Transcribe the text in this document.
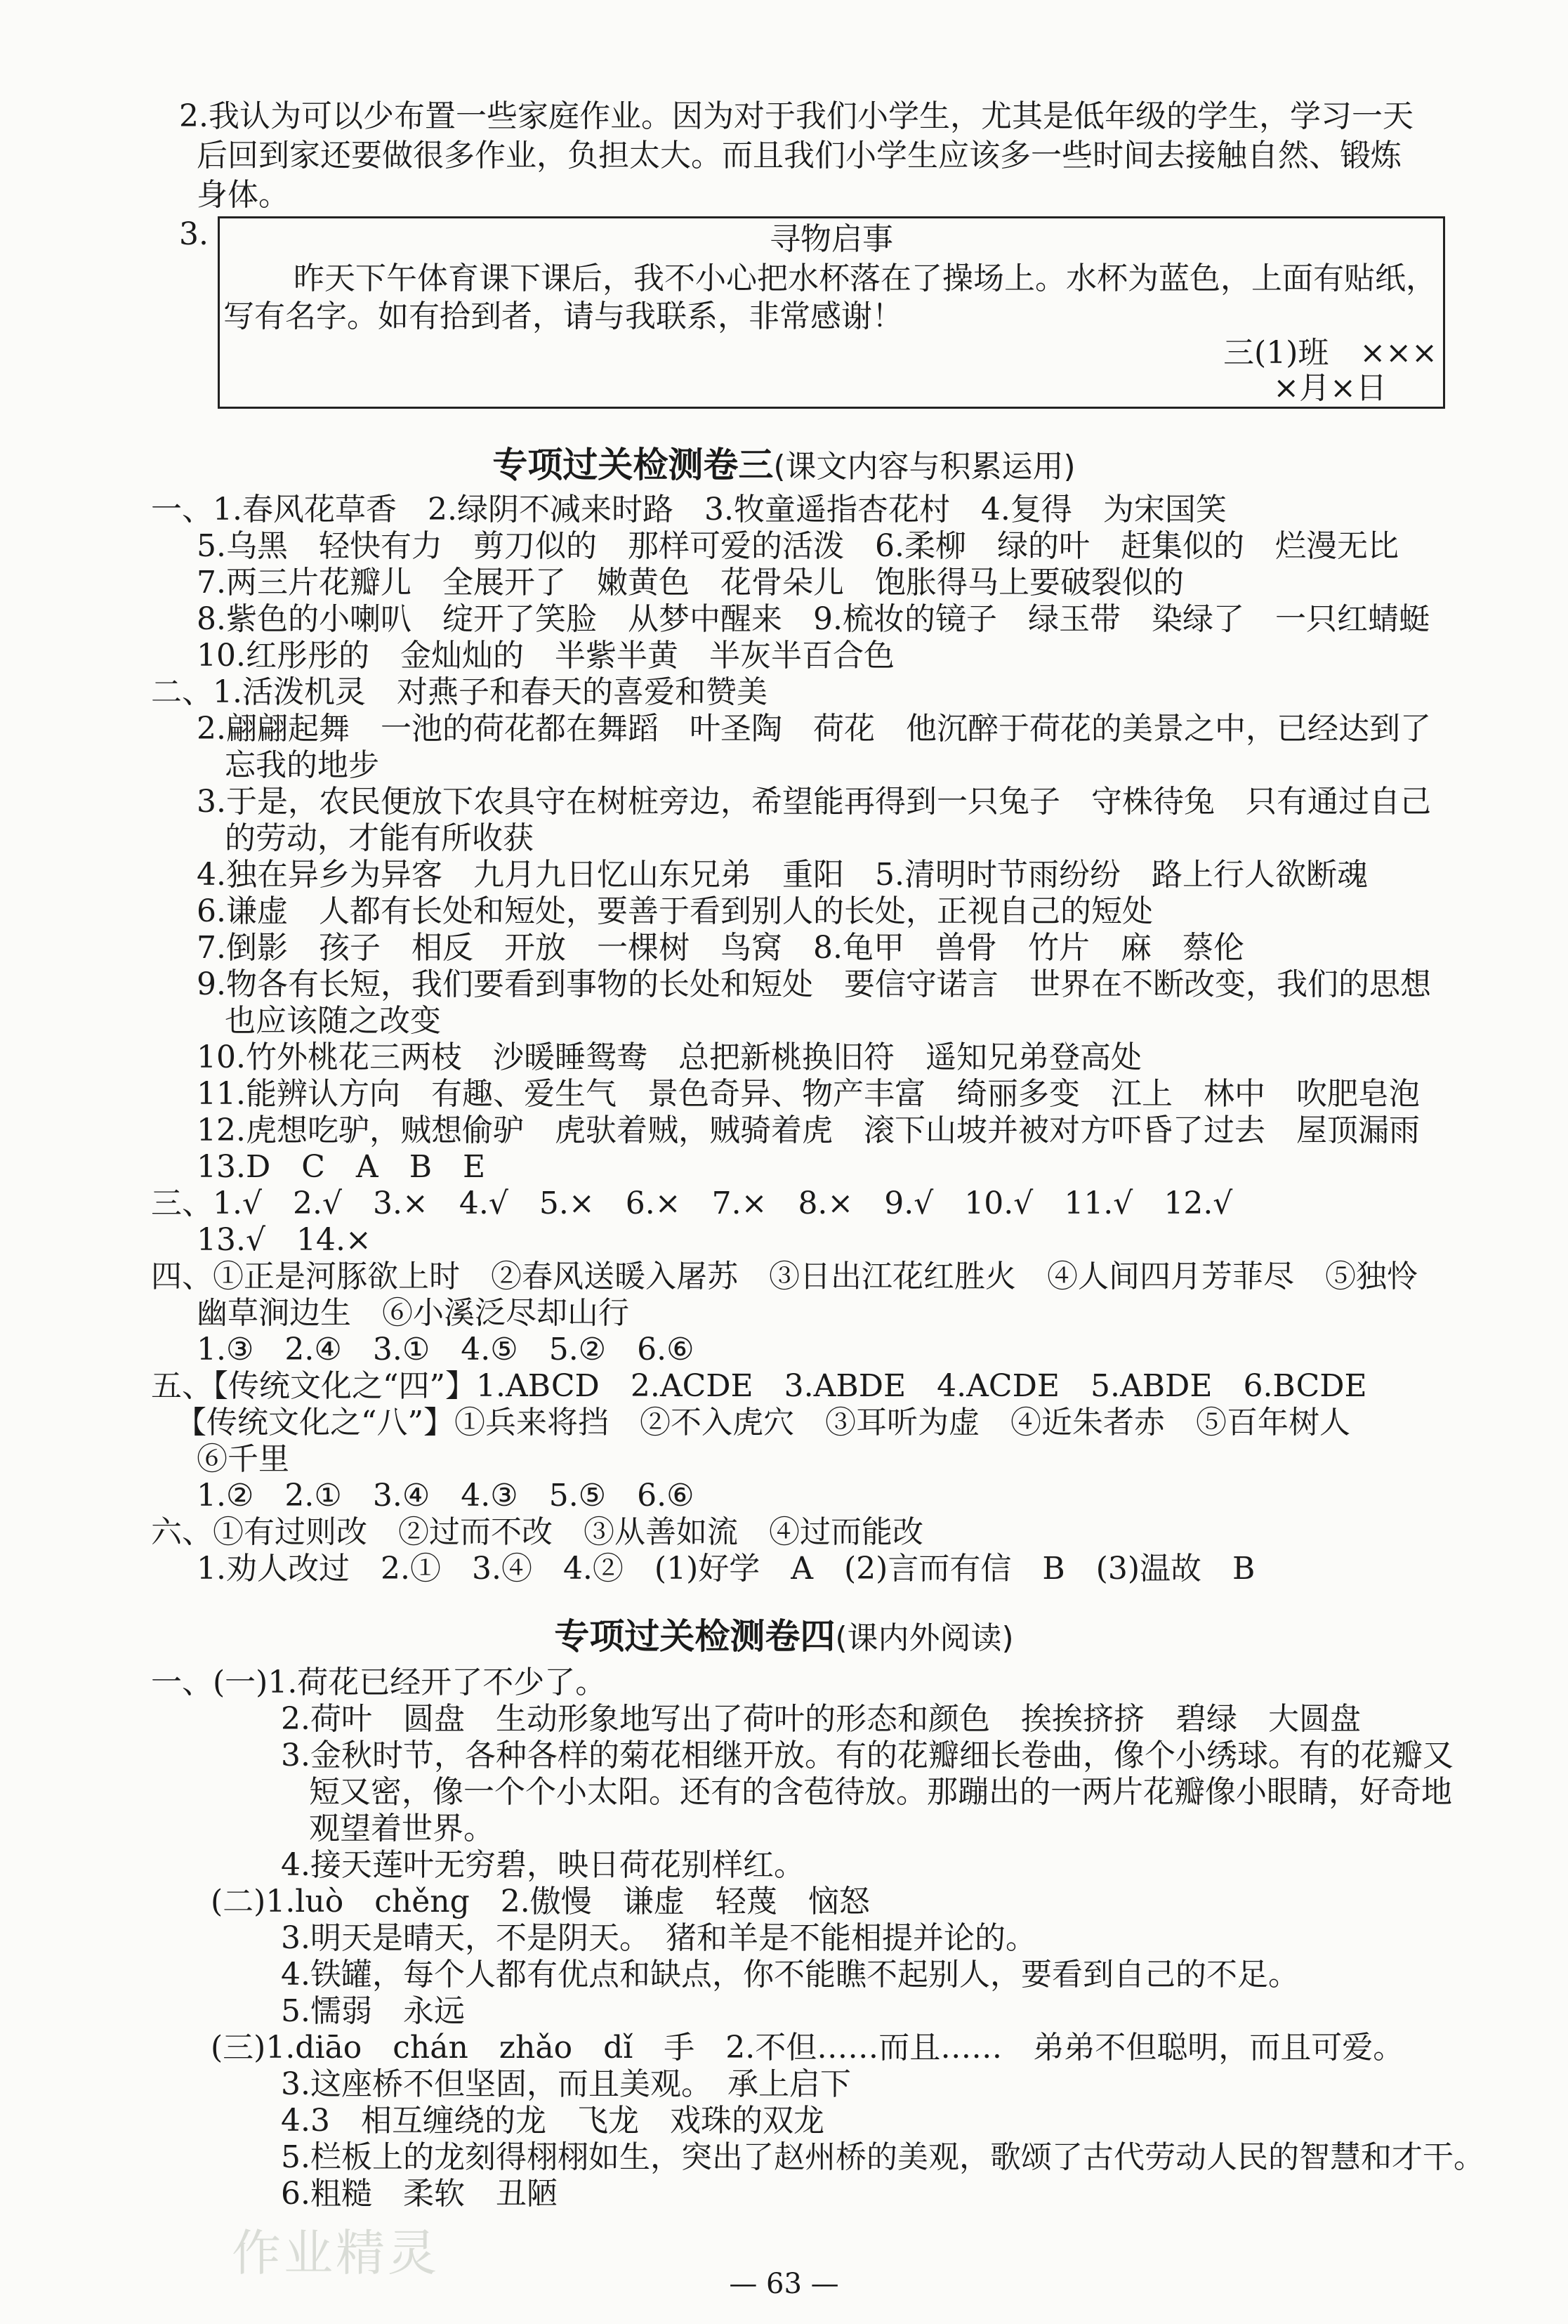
2.我认为可以少布置一些家庭作业。因为对于我们小学生，尤其是低年级的学生，学习一天
后回到家还要做很多作业，负担太大。而且我们小学生应该多一些时间去接触自然、锻炼
身体。
3.	寻物启事
昨天下午体育课下课后，我不小心把水杯落在了操场上。水杯为蓝色，上面有贴纸，
写有名字。如有拾到者，请与我联系，非常感谢！
三(1)班　×××
×月×日
专项过关检测卷三(课文内容与积累运用)
一、1.春风花草香　2.绿阴不减来时路　3.牧童遥指杏花村　4.复得　为宋国笑
5.乌黑　轻快有力　剪刀似的　那样可爱的活泼　6.柔柳　绿的叶　赶集似的　烂漫无比
7.两三片花瓣儿　全展开了　嫩黄色　花骨朵儿　饱胀得马上要破裂似的
8.紫色的小喇叭　绽开了笑脸　从梦中醒来　9.梳妆的镜子　绿玉带　染绿了　一只红蜻蜓
10.红彤彤的　金灿灿的　半紫半黄　半灰半百合色
二、1.活泼机灵　对燕子和春天的喜爱和赞美
2.翩翩起舞　一池的荷花都在舞蹈　叶圣陶　荷花　他沉醉于荷花的美景之中，已经达到了
忘我的地步
3.于是，农民便放下农具守在树桩旁边，希望能再得到一只兔子　守株待兔　只有通过自己
的劳动，才能有所收获
4.独在异乡为异客　九月九日忆山东兄弟　重阳　5.清明时节雨纷纷　路上行人欲断魂
6.谦虚　人都有长处和短处，要善于看到别人的长处，正视自己的短处
7.倒影　孩子　相反　开放　一棵树　鸟窝　8.龟甲　兽骨　竹片　麻　蔡伦
9.物各有长短，我们要看到事物的长处和短处　要信守诺言　世界在不断改变，我们的思想
也应该随之改变
10.竹外桃花三两枝　沙暖睡鸳鸯　总把新桃换旧符　遥知兄弟登高处
11.能辨认方向　有趣、爱生气　景色奇异、物产丰富　绮丽多变　江上　林中　吹肥皂泡
12.虎想吃驴，贼想偷驴　虎驮着贼，贼骑着虎　滚下山坡并被对方吓昏了过去　屋顶漏雨
13.D　C　A　B　E
三、1.√　2.√　3.×　4.√　5.×　6.×　7.×　8.×　9.√　10.√　11.√　12.√
13.√　14.×
四、①正是河豚欲上时　②春风送暖入屠苏　③日出江花红胜火　④人间四月芳菲尽　⑤独怜
幽草涧边生　⑥小溪泛尽却山行
1.③　2.④　3.①　4.⑤　5.②　6.⑥
五、【传统文化之“四”】1.ABCD　2.ACDE　3.ABDE　4.ACDE　5.ABDE　6.BCDE
【传统文化之“八”】①兵来将挡　②不入虎穴　③耳听为虚　④近朱者赤　⑤百年树人
⑥千里
1.②　2.①　3.④　4.③　5.⑤　6.⑥
六、①有过则改　②过而不改　③从善如流　④过而能改
1.劝人改过　2.①　3.④　4.②　(1)好学　A　(2)言而有信　B　(3)温故　B
专项过关检测卷四(课内外阅读)
一、(一)1.荷花已经开了不少了。
2.荷叶　圆盘　生动形象地写出了荷叶的形态和颜色　挨挨挤挤　碧绿　大圆盘
3.金秋时节，各种各样的菊花相继开放。有的花瓣细长卷曲，像个小绣球。有的花瓣又
短又密，像一个个小太阳。还有的含苞待放。那蹦出的一两片花瓣像小眼睛，好奇地
观望着世界。
4.接天莲叶无穷碧，映日荷花别样红。
(二)1.luò　chěng　2.傲慢　谦虚　轻蔑　恼怒
3.明天是晴天，不是阴天。　猪和羊是不能相提并论的。
4.铁罐，每个人都有优点和缺点，你不能瞧不起别人，要看到自己的不足。
5.懦弱　永远
(三)1.diāo　chán　zhǎo　dǐ　手　2.不但……而且……　弟弟不但聪明，而且可爱。
3.这座桥不但坚固，而且美观。　承上启下
4.3　相互缠绕的龙　飞龙　戏珠的双龙
5.栏板上的龙刻得栩栩如生，突出了赵州桥的美观，歌颂了古代劳动人民的智慧和才干。
6.粗糙　柔软　丑陋
作业精灵
— 63 —
